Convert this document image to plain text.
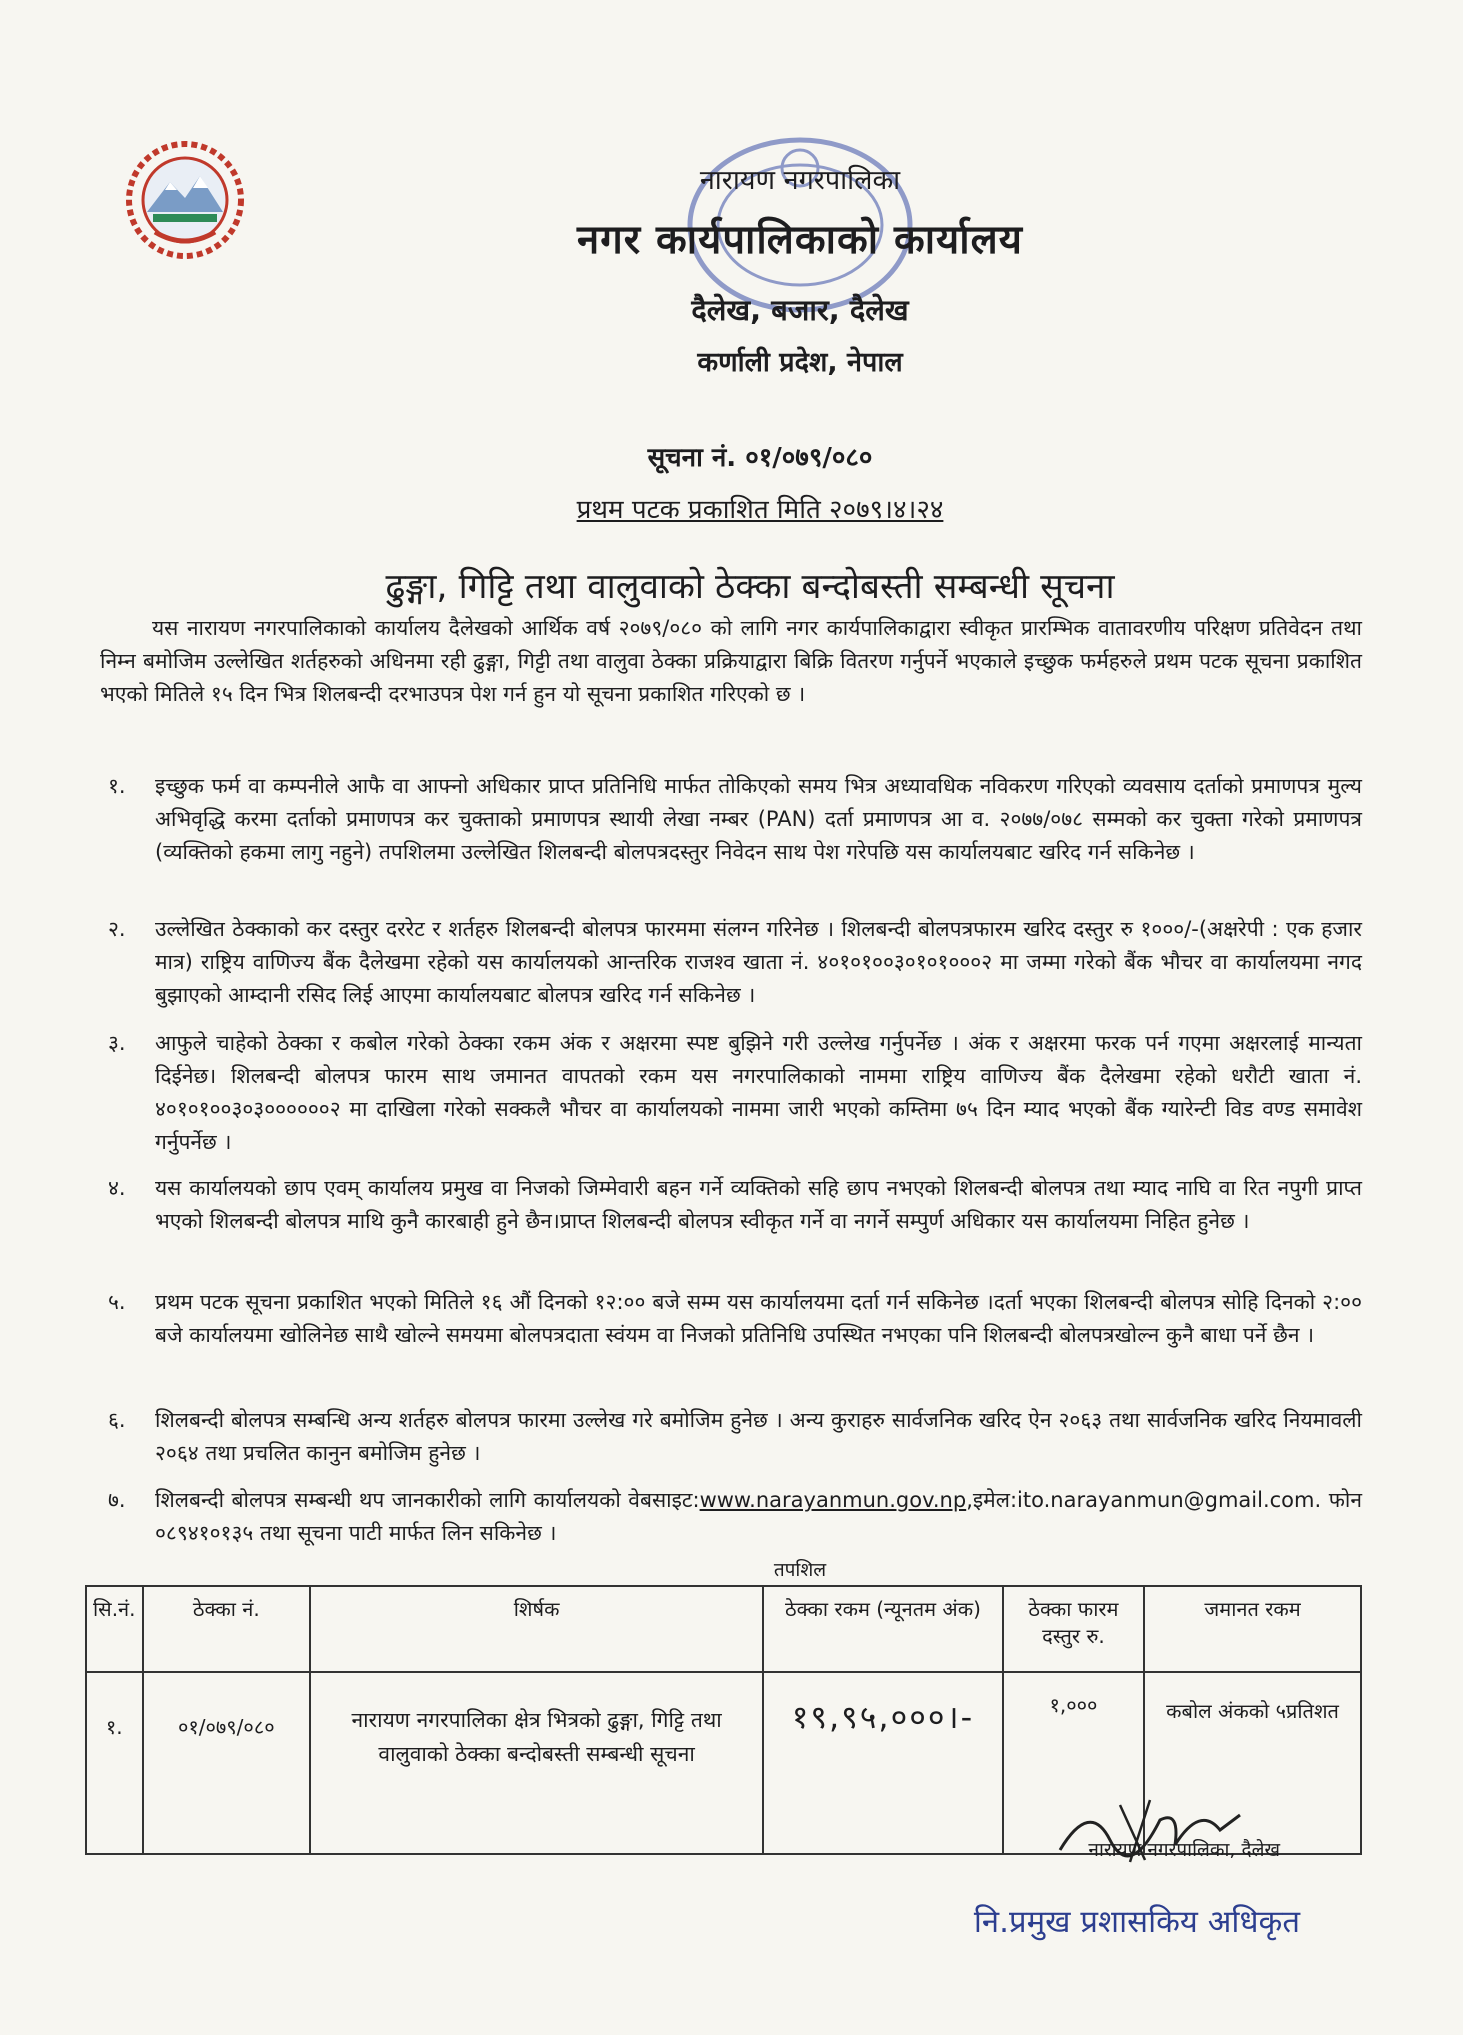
नारायण नगरपालिका
नगर कार्यपालिकाको कार्यालय
दैलेख, बजार, दैलेख
कर्णाली प्रदेश, नेपाल
सूचना नं. ०१/०७९/०८०
प्रथम पटक प्रकाशित मिति २०७९।४।२४
ढुङ्गा, गिट्टि तथा वालुवाको ठेक्का बन्दोबस्ती सम्बन्धी सूचना
यस नारायण नगरपालिकाको कार्यालय दैलेखको आर्थिक वर्ष २०७९/०८० को लागि नगर कार्यपालिकाद्वारा स्वीकृत प्रारम्भिक वातावरणीय परिक्षण प्रतिवेदन तथा निम्न बमोजिम उल्लेखित शर्तहरुको अधिनमा रही ढुङ्गा, गिट्टी तथा वालुवा ठेक्का प्रक्रियाद्वारा बिक्रि वितरण गर्नुपर्ने भएकाले इच्छुक फर्महरुले प्रथम पटक सूचना प्रकाशित भएको मितिले १५ दिन भित्र शिलबन्दी दरभाउपत्र पेश गर्न हुन यो सूचना प्रकाशित गरिएको छ ।
१.	इच्छुक फर्म वा कम्पनीले आफै वा आफ्नो अधिकार प्राप्त प्रतिनिधि मार्फत तोकिएको समय भित्र अध्यावधिक नविकरण गरिएको व्यवसाय दर्ताको प्रमाणपत्र मुल्य अभिवृद्धि करमा दर्ताको प्रमाणपत्र कर चुक्ताको प्रमाणपत्र स्थायी लेखा नम्बर (PAN) दर्ता प्रमाणपत्र आ व. २०७७/०७८ सम्मको कर चुक्ता गरेको प्रमाणपत्र (व्यक्तिको हकमा लागु नहुने) तपशिलमा उल्लेखित शिलबन्दी बोलपत्रदस्तुर निवेदन साथ पेश गरेपछि यस कार्यालयबाट खरिद गर्न सकिनेछ ।
२.	उल्लेखित ठेक्काको कर दस्तुर दररेट र शर्तहरु शिलबन्दी बोलपत्र फारममा संलग्न गरिनेछ । शिलबन्दी बोलपत्रफारम खरिद दस्तुर रु १०००/-(अक्षरेपी : एक हजार मात्र) राष्ट्रिय वाणिज्य बैंक दैलेखमा रहेको यस कार्यालयको आन्तरिक राजश्व खाता नं. ४०१०१००३०१०१०००२ मा जम्मा गरेको बैंक भौचर वा कार्यालयमा नगद बुझाएको आम्दानी रसिद लिई आएमा कार्यालयबाट बोलपत्र खरिद गर्न सकिनेछ ।
३.	आफुले चाहेको ठेक्का र कबोल गरेको ठेक्का रकम अंक र अक्षरमा स्पष्ट बुझिने गरी उल्लेख गर्नुपर्नेछ । अंक र अक्षरमा फरक पर्न गएमा अक्षरलाई मान्यता दिईनेछ। शिलबन्दी बोलपत्र फारम साथ जमानत वापतको रकम यस नगरपालिकाको नाममा राष्ट्रिय वाणिज्य बैंक दैलेखमा रहेको धरौटी खाता नं. ४०१०१००३०३००००००२ मा दाखिला गरेको सक्कलै भौचर वा कार्यालयको नाममा जारी भएको कम्तिमा ७५ दिन म्याद भएको बैंक ग्यारेन्टी विड वण्ड समावेश गर्नुपर्नेछ ।
४.	यस कार्यालयको छाप एवम् कार्यालय प्रमुख वा निजको जिम्मेवारी बहन गर्ने व्यक्तिको सहि छाप नभएको शिलबन्दी बोलपत्र तथा म्याद नाघि वा रित नपुगी प्राप्त भएको शिलबन्दी बोलपत्र माथि कुनै कारबाही हुने छैन।प्राप्त शिलबन्दी बोलपत्र स्वीकृत गर्ने वा नगर्ने सम्पुर्ण अधिकार यस कार्यालयमा निहित हुनेछ ।
५.	प्रथम पटक सूचना प्रकाशित भएको मितिले १६ औं दिनको १२:०० बजे सम्म यस कार्यालयमा दर्ता गर्न सकिनेछ ।दर्ता भएका शिलबन्दी बोलपत्र सोहि दिनको २:०० बजे कार्यालयमा खोलिनेछ साथै खोल्ने समयमा बोलपत्रदाता स्वंयम वा निजको प्रतिनिधि उपस्थित नभएका पनि शिलबन्दी बोलपत्रखोल्न कुनै बाधा पर्ने छैन ।
६.	शिलबन्दी बोलपत्र सम्बन्धि अन्य शर्तहरु बोलपत्र फारमा उल्लेख गरे बमोजिम हुनेछ । अन्य कुराहरु सार्वजनिक खरिद ऐन २०६३ तथा सार्वजनिक खरिद नियमावली २०६४ तथा प्रचलित कानुन बमोजिम हुनेछ ।
७.	शिलबन्दी बोलपत्र सम्बन्धी थप जानकारीको लागि कार्यालयको वेबसाइट:www.narayanmun.gov.np,इमेल:ito.narayanmun@gmail.com. फोन ०८९४१०१३५ तथा सूचना पाटी मार्फत लिन सकिनेछ ।
तपशिल
सि.नं.	ठेक्का नं.	शिर्षक	ठेक्का रकम (न्यूनतम अंक)	ठेक्का फारम दस्तुर रु.	जमानत रकम
१.	०१/०७९/०८०	नारायण नगरपालिका क्षेत्र भित्रको ढुङ्गा, गिट्टि तथा वालुवाको ठेक्का बन्दोबस्ती सम्बन्धी सूचना	१९,९५,०००।-	१,०००	कबोल अंकको ५प्रतिशत
नारायण नगरपालिका, दैलेख
नि.प्रमुख प्रशासकिय अधिकृत
